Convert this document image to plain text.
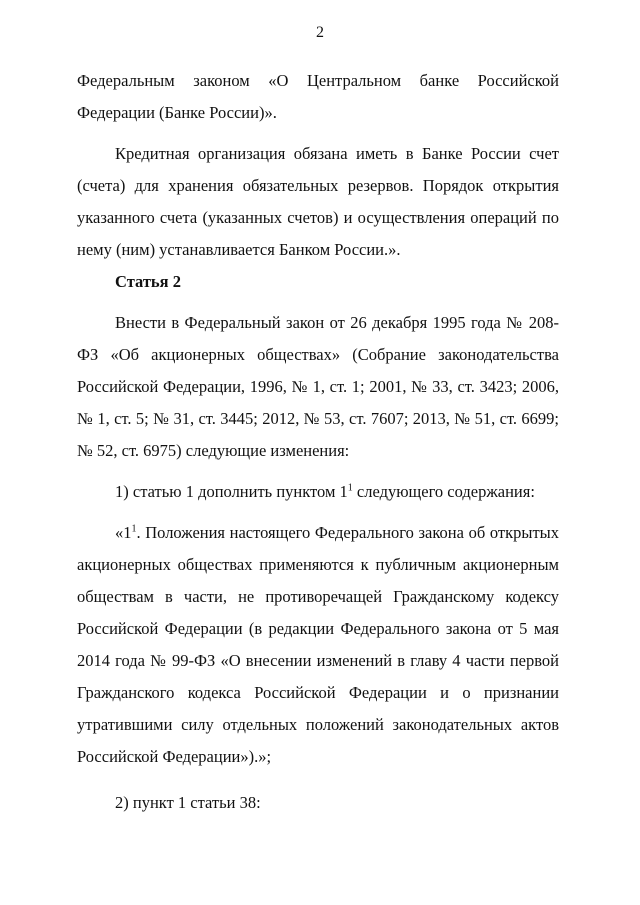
2

Федеральным законом «О Центральном банке Российской Федерации (Банке России)».

Кредитная организация обязана иметь в Банке России счет (счета) для хранения обязательных резервов. Порядок открытия указанного счета (указанных счетов) и осуществления операций по нему (ним) устанавливается Банком России.».

Статья 2

Внести в Федеральный закон от 26 декабря 1995 года № 208-ФЗ «Об акционерных обществах» (Собрание законодательства Российской Федерации, 1996, № 1, ст. 1; 2001, № 33, ст. 3423; 2006, № 1, ст. 5; № 31, ст. 3445; 2012, № 53, ст. 7607; 2013, № 51, ст. 6699; № 52, ст. 6975) следующие изменения:

1) статью 1 дополнить пунктом $1^1$ следующего содержания:

«$1^1$. Положения настоящего Федерального закона об открытых акционерных обществах применяются к публичным акционерным обществам в части, не противоречащей Гражданскому кодексу Российской Федерации (в редакции Федерального закона от 5 мая 2014 года № 99-ФЗ «О внесении изменений в главу 4 части первой Гражданского кодекса Российской Федерации и о признании утратившими силу отдельных положений законодательных актов Российской Федерации»).»;

2) пункт 1 статьи 38:
